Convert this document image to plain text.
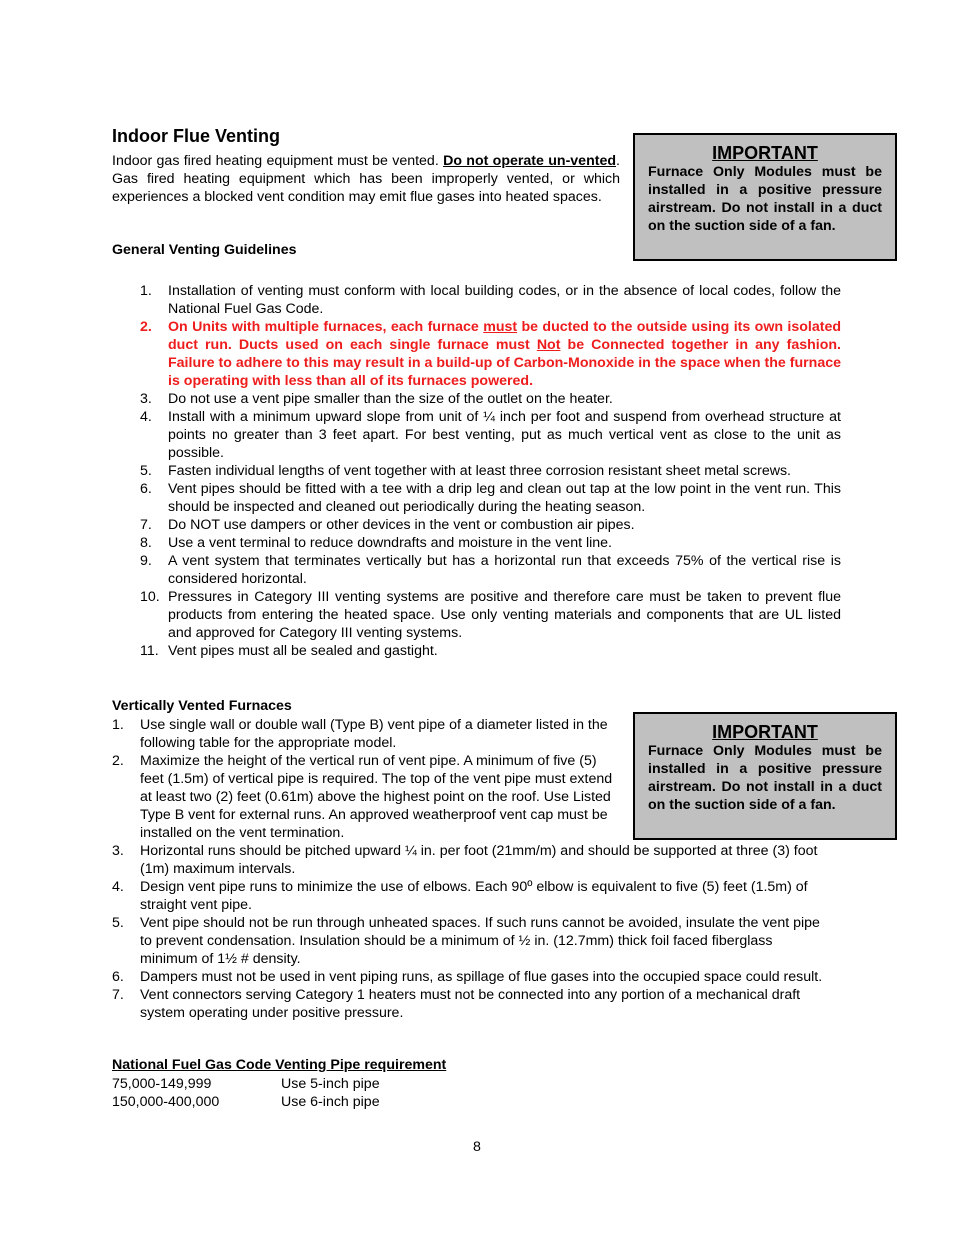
Indoor Flue Venting

Indoor gas fired heating equipment must be vented. Do not operate un-vented. Gas fired heating equipment which has been improperly vented, or which experiences a blocked vent condition may emit flue gases into heated spaces.

IMPORTANT
Furnace Only Modules must be installed in a positive pressure airstream. Do not install in a duct on the suction side of a fan.

General Venting Guidelines

1. Installation of venting must conform with local building codes, or in the absence of local codes, follow the National Fuel Gas Code.
2. On Units with multiple furnaces, each furnace must be ducted to the outside using its own isolated duct run. Ducts used on each single furnace must Not be Connected together in any fashion. Failure to adhere to this may result in a build-up of Carbon-Monoxide in the space when the furnace is operating with less than all of its furnaces powered.
3. Do not use a vent pipe smaller than the size of the outlet on the heater.
4. Install with a minimum upward slope from unit of ¼ inch per foot and suspend from overhead structure at points no greater than 3 feet apart. For best venting, put as much vertical vent as close to the unit as possible.
5. Fasten individual lengths of vent together with at least three corrosion resistant sheet metal screws.
6. Vent pipes should be fitted with a tee with a drip leg and clean out tap at the low point in the vent run. This should be inspected and cleaned out periodically during the heating season.
7. Do NOT use dampers or other devices in the vent or combustion air pipes.
8. Use a vent terminal to reduce downdrafts and moisture in the vent line.
9. A vent system that terminates vertically but has a horizontal run that exceeds 75% of the vertical rise is considered horizontal.
10. Pressures in Category III venting systems are positive and therefore care must be taken to prevent flue products from entering the heated space. Use only venting materials and components that are UL listed and approved for Category III venting systems.
11. Vent pipes must all be sealed and gastight.

Vertically Vented Furnaces

1. Use single wall or double wall (Type B) vent pipe of a diameter listed in the following table for the appropriate model.
2. Maximize the height of the vertical run of vent pipe. A minimum of five (5) feet (1.5m) of vertical pipe is required. The top of the vent pipe must extend at least two (2) feet (0.61m) above the highest point on the roof. Use Listed Type B vent for external runs. An approved weatherproof vent cap must be installed on the vent termination.
3. Horizontal runs should be pitched upward ¼ in. per foot (21mm/m) and should be supported at three (3) foot (1m) maximum intervals.
4. Design vent pipe runs to minimize the use of elbows. Each 90º elbow is equivalent to five (5) feet (1.5m) of straight vent pipe.
5. Vent pipe should not be run through unheated spaces. If such runs cannot be avoided, insulate the vent pipe to prevent condensation. Insulation should be a minimum of ½ in. (12.7mm) thick foil faced fiberglass minimum of 1½ # density.
6. Dampers must not be used in vent piping runs, as spillage of flue gases into the occupied space could result.
7. Vent connectors serving Category 1 heaters must not be connected into any portion of a mechanical draft system operating under positive pressure.
IMPORTANT
Furnace Only Modules must be installed in a positive pressure airstream. Do not install in a duct on the suction side of a fan.

National Fuel Gas Code Venting Pipe requirement

75,000-149,999	Use 5-inch pipe
150,000-400,000	Use 6-inch pipe
8
